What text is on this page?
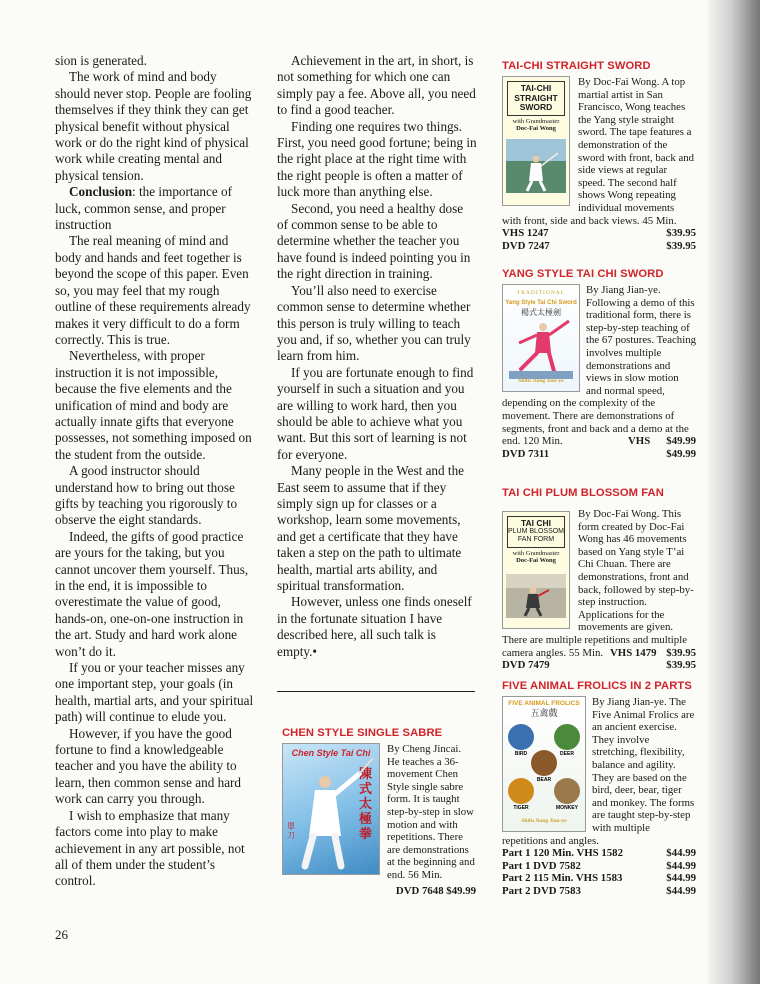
sion is generated.

The work of mind and body should never stop. People are fooling themselves if they think they can get physical benefit without physical work or do the right kind of physical work while creating mental and physical tension.

Conclusion: the importance of luck, common sense, and proper instruction

The real meaning of mind and body and hands and feet together is beyond the scope of this paper. Even so, you may feel that my rough outline of these requirements already makes it very difficult to do a form correctly. This is true.

Nevertheless, with proper instruction it is not impossible, because the five elements and the unification of mind and body are actually innate gifts that everyone possesses, not something imposed on the student from the outside.

A good instructor should understand how to bring out those gifts by teaching you rigorously to observe the eight standards.

Indeed, the gifts of good practice are yours for the taking, but you cannot uncover them yourself. Thus, in the end, it is impossible to overestimate the value of good, hands-on, one-on-one instruction in the art. Study and hard work alone won’t do it.

If you or your teacher misses any one important step, your goals (in health, martial arts, and your spiritual path) will continue to elude you.

However, if you have the good fortune to find a knowledgeable teacher and you have the ability to learn, then common sense and hard work can carry you through.

I wish to emphasize that many factors come into play to make achievement in any art possible, not all of them under the student’s control.

Achievement in the art, in short, is not something for which one can simply pay a fee. Above all, you need to find a good teacher.

Finding one requires two things. First, you need good fortune; being in the right place at the right time with the right people is often a matter of luck more than anything else.

Second, you need a healthy dose of common sense to be able to determine whether the teacher you have found is indeed pointing you in the right direction in training.

You’ll also need to exercise common sense to determine whether this person is truly willing to teach you and, if so, whether you can truly learn from him.

If you are fortunate enough to find yourself in such a situation and you are willing to work hard, then you should be able to achieve what you want. But this sort of learning is not for everyone.

Many people in the West and the East seem to assume that if they simply sign up for classes or a workshop, learn some movements, and get a certificate that they have taken a step on the path to ultimate health, martial arts ability, and spiritual transformation.

However, unless one finds oneself in the fortunate situation I have described here, all such talk is empty.•

CHEN STYLE SINGLE SABRE
Chen Style Tai Chi
陳式太極拳
單刀

By Cheng Jincai. He teaches a 36-movement Chen Style single sabre form. It is taught step-by-step in slow motion and with repetitions. There are demonstrations at the beginning and end. 56 Min.

DVD 7648 $49.99
TAI-CHI STRAIGHT SWORD
TAI-CHI
STRAIGHT
SWORD
with Grandmaster
Doc-Fai Wong

By Doc-Fai Wong. A top martial artist in San Francisco, Wong teaches the Yang style straight sword. The tape features a demonstration of the sword with front, back and side views at regular speed. The second half shows Wong repeating individual movements with front, side and back views. 45 Min.

VHS 1247	$39.95
DVD 7247	$39.95
YANG STYLE TAI CHI SWORD
TRADITIONAL
Yang Style Tai Chi Sword
楊式太極劍
Shifu Jiang Jian-ye

By Jiang Jian-ye. Following a demo of this traditional form, there is step-by-step teaching of the 67 postures. Teaching involves multiple demonstrations and views in slow motion and normal speed, depending on the complexity of the movement. There are demonstrations of segments, front and back and a demo at the end. 120 Min.	VHS $49.99
DVD 7311	$49.99
TAI CHI PLUM BLOSSOM FAN
TAI CHI
PLUM BLOSSOM
FAN FORM
with Grandmaster
Doc-Fai Wong

By Doc-Fai Wong. This form created by Doc-Fai Wong has 46 movements based on Yang style T’ai Chi Chuan. There are demonstrations, front and back, followed by step-by-step instruction. Applications for the movements are given. There are multiple repetitions and multiple camera angles. 55 Min. VHS 1479 $39.95
DVD 7479	$39.95
FIVE ANIMAL FROLICS IN 2 PARTS
FIVE ANIMAL FROLICS
五禽戲
BIRD	DEER
BEAR
TIGER	MONKEY
Shifu Jiang Jian-ye

By Jiang Jian-ye. The Five Animal Frolics are an ancient exercise. They involve stretching, flexibility, balance and agility. They are based on the bird, deer, bear, tiger and monkey. The forms are taught step-by-step with multiple repetitions and angles.

Part 1 120 Min. VHS 1582	$44.99
Part 1 DVD 7582	$44.99
Part 2 115 Min. VHS 1583	$44.99
Part 2 DVD 7583	$44.99
26
